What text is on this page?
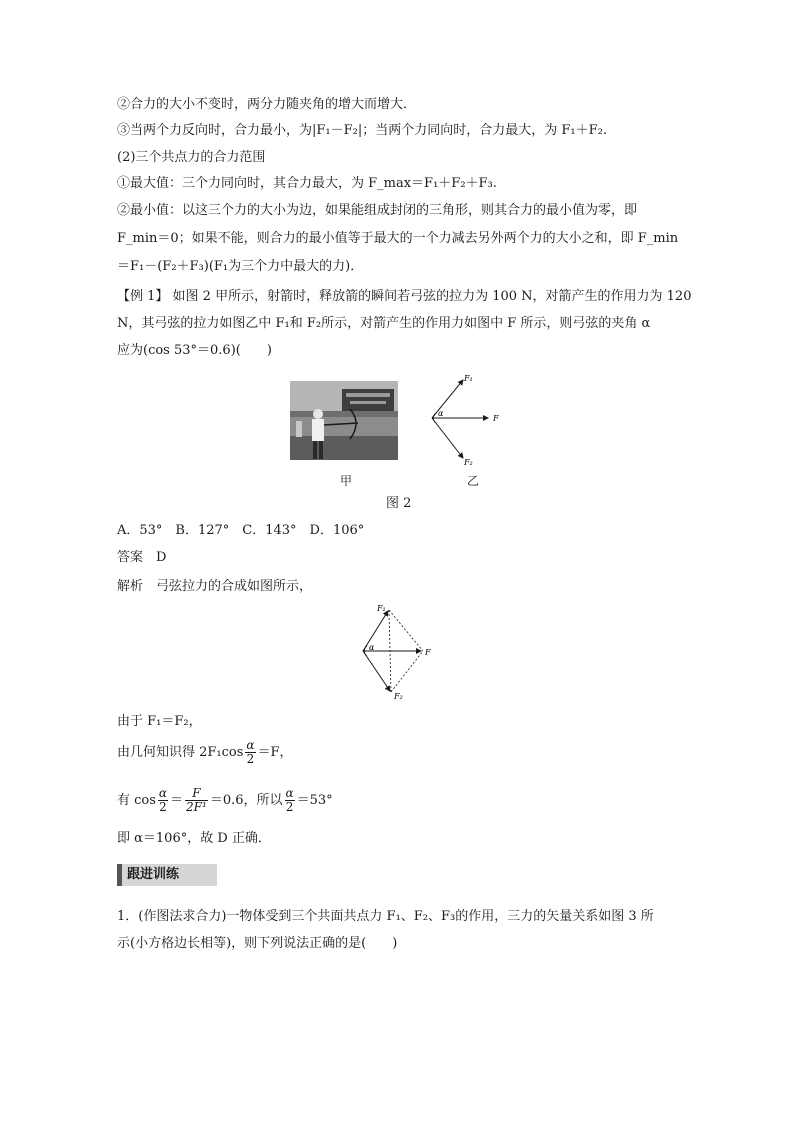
②合力的大小不变时，两分力随夹角的增大而增大．
③当两个力反向时，合力最小，为|F₁－F₂|；当两个力同向时，合力最大，为 F₁＋F₂.
(2)三个共点力的合力范围
①最大值：三个力同向时，其合力最大，为 F_max＝F₁＋F₂＋F₃.
②最小值：以这三个力的大小为边，如果能组成封闭的三角形，则其合力的最小值为零，即
F_min＝0；如果不能，则合力的最小值等于最大的一个力减去另外两个力的大小之和，即 F_min
＝F₁－(F₂＋F₃)(F₁为三个力中最大的力)．
【例 1】 如图 2 甲所示，射箭时，释放箭的瞬间若弓弦的拉力为 100 N，对箭产生的作用力为 120
N，其弓弦的拉力如图乙中 F₁和 F₂所示，对箭产生的作用力如图中 F 所示，则弓弦的夹角 α
应为(cos 53°＝0.6)(　　)
F₁
F₂
F
α
甲	乙
图 2
A．53°　B．127°　C．143°　D．106°
答案　D
解析　弓弦拉力的合成如图所示，
F₁
F₂
F
α
由于 F₁＝F₂，
由几何知识得 $2F_1\cos \frac{\alpha}{2} =F$，
有 $\cos \frac{\alpha}{2} = \frac{F}{\text{2F¹}} =0.6$，所以 $\frac{\alpha}{2} =53^\circ$
即 α＝106°，故 D 正确．
跟进训练
1．(作图法求合力)一物体受到三个共面共点力 F₁、F₂、F₃的作用，三力的矢量关系如图 3 所
示(小方格边长相等)，则下列说法正确的是(　　)
